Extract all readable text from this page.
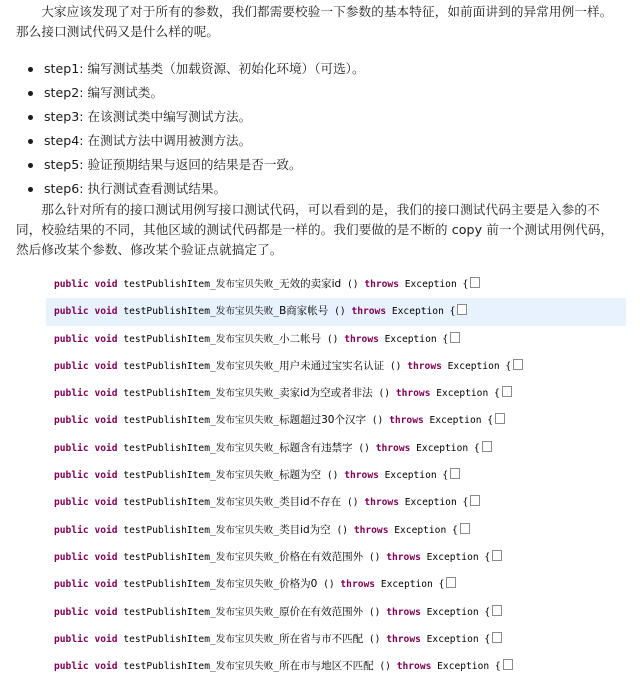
大家应该发现了对于所有的参数，我们都需要校验一下参数的基本特征，如前面讲到的异常用例一样。那么接口测试代码又是什么样的呢。

step1: 编写测试基类（加载资源、初始化环境）（可选）。
step2: 编写测试类。
step3: 在该测试类中编写测试方法。
step4: 在测试方法中调用被测方法。
step5: 验证预期结果与返回的结果是否一致。
step6: 执行测试查看测试结果。

那么针对所有的接口测试用例写接口测试代码，可以看到的是，我们的接口测试代码主要是入参的不同，校验结果的不同，其他区域的测试代码都是一样的。我们要做的是不断的 copy 前一个测试用例代码，然后修改某个参数、修改某个验证点就搞定了。

public void testPublishItem_发布宝贝失败_无效的卖家id () throws Exception {
public void testPublishItem_发布宝贝失败_B商家帐号 () throws Exception {
public void testPublishItem_发布宝贝失败_小二帐号 () throws Exception {
public void testPublishItem_发布宝贝失败_用户未通过宝实名认证 () throws Exception {
public void testPublishItem_发布宝贝失败_卖家id为空或者非法 () throws Exception {
public void testPublishItem_发布宝贝失败_标题超过30个汉字 () throws Exception {
public void testPublishItem_发布宝贝失败_标题含有违禁字 () throws Exception {
public void testPublishItem_发布宝贝失败_标题为空 () throws Exception {
public void testPublishItem_发布宝贝失败_类目id不存在 () throws Exception {
public void testPublishItem_发布宝贝失败_类目id为空 () throws Exception {
public void testPublishItem_发布宝贝失败_价格在有效范围外 () throws Exception {
public void testPublishItem_发布宝贝失败_价格为0 () throws Exception {
public void testPublishItem_发布宝贝失败_原价在有效范围外 () throws Exception {
public void testPublishItem_发布宝贝失败_所在省与市不匹配 () throws Exception {
public void testPublishItem_发布宝贝失败_所在市与地区不匹配 () throws Exception {
